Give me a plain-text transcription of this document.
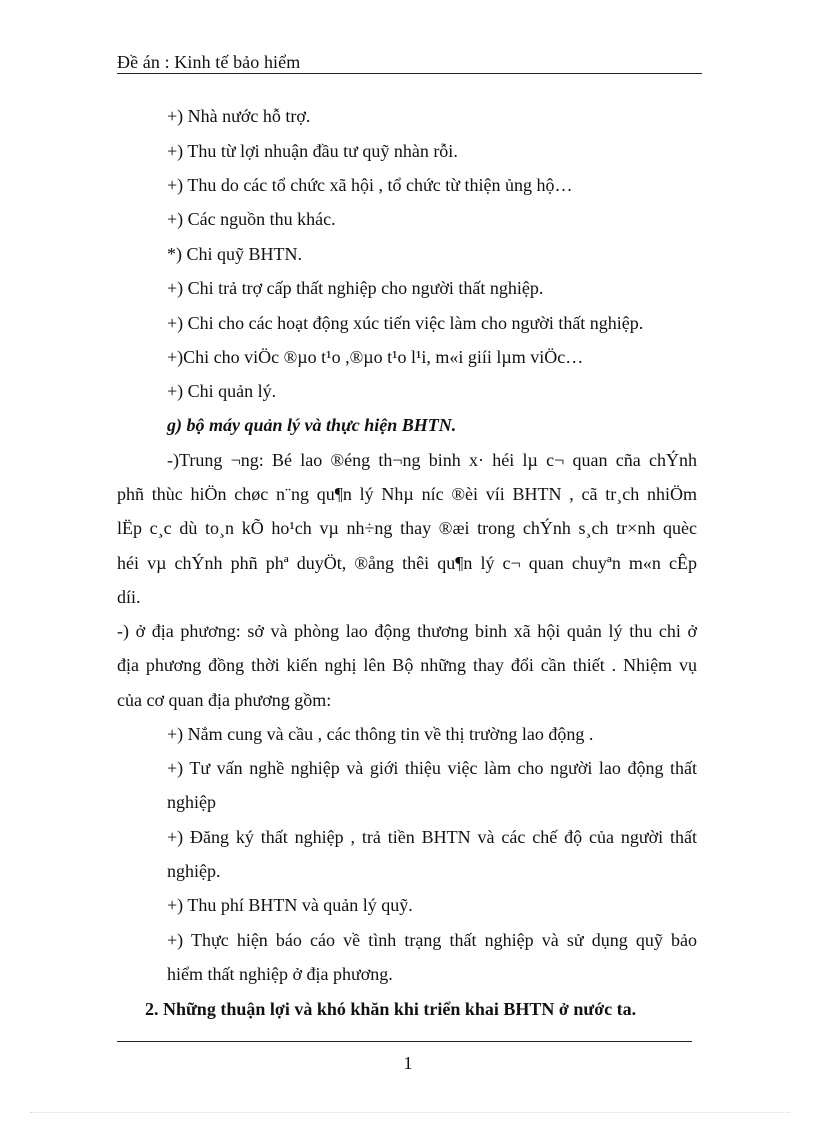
Đề án : Kinh tế bảo hiểm
+) Nhà nước hỗ trợ.
+) Thu từ lợi nhuận đầu tư quỹ nhàn rỗi.
+) Thu do các tổ chức xã hội , tổ chức từ thiện ủng hộ…
+) Các nguồn thu khác.
*) Chi quỹ BHTN.
+) Chi trả trợ cấp thất nghiệp cho người thất nghiệp.
+) Chi cho các hoạt động xúc tiến việc làm cho người thất nghiệp.
+)Chi cho viÖc ®µo t¹o ,®µo t¹o l¹i, m«i giíi lµm viÖc…
+) Chi quản lý.
g) bộ máy quản lý và thực hiện BHTN.
-)Trung ¬ng: Bé lao ®éng th¬ng binh x· héi lµ c¬ quan cña chÝnh
phñ thùc hiÖn chøc n¨ng qu¶n lý Nhµ níc ®èi víi BHTN , cã tr¸ch nhiÖm
lËp c¸c dù to¸n kÕ ho¹ch vµ nh÷ng thay ®æi trong chÝnh s¸ch tr×nh quèc
héi vµ chÝnh phñ phª duyÖt, ®ång thêi qu¶n lý c¬ quan chuyªn m«n cÊp
díi.
-) ở địa phương: sở và phòng lao động thương binh xã hội quản lý thu chi ở
địa phương đồng thời kiến nghị lên Bộ những thay đổi cần thiết . Nhiệm vụ
của cơ quan địa phương gồm:
+) Nắm cung và cầu , các thông tin về thị trường lao động .
+) Tư vấn nghề nghiệp và giới thiệu việc làm cho người lao động thất
nghiệp
+) Đăng ký thất nghiệp , trả tiền BHTN và các chế độ của người thất
nghiệp.
+) Thu phí BHTN và quản lý quỹ.
+) Thực hiện báo cáo về tình trạng thất nghiệp và sử dụng quỹ bảo
hiểm thất nghiệp ở địa phương.
2. Những thuận lợi và khó khăn khi triển khai BHTN ở nước ta.
1
